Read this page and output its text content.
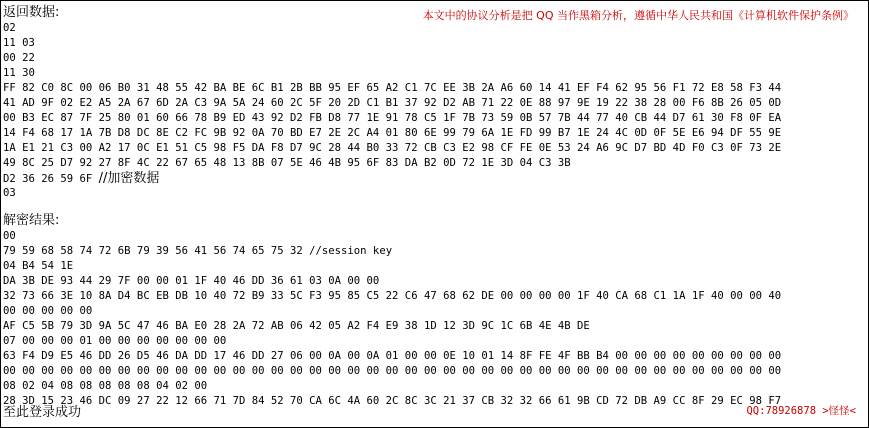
返回数据:	本文中的协议分析是把 QQ 当作黑箱分析，遵循中华人民共和国《计算机软件保护条例》
02
11 03
00 22
11 30
FF 82 C0 8C 00 06 B0 31 48 55 42 BA BE 6C B1 2B BB 95 EF 65 A2 C1 7C EE 3B 2A A6 60 14 41 EF F4 62 95 56 F1 72 E8 58 F3 44
41 AD 9F 02 E2 A5 2A 67 6D 2A C3 9A 5A 24 60 2C 5F 20 2D C1 B1 37 92 D2 AB 71 22 0E 88 97 9E 19 22 38 28 00 F6 8B 26 05 0D
00 B3 EC 87 7F 25 80 01 60 66 78 B9 ED 43 92 D2 FB D8 77 1E 91 78 C5 1F 7B 73 59 0B 57 7B 44 77 40 CB 44 D7 61 30 F8 0F EA
14 F4 68 17 1A 7B D8 DC 8E C2 FC 9B 92 0A 70 BD E7 2E 2C A4 01 80 6E 99 79 6A 1E FD 99 B7 1E 24 4C 0D 0F 5E E6 94 DF 55 9E
1A E1 21 C3 00 A2 17 0C E1 51 C5 98 F5 DA F8 D7 9C 28 44 B0 33 72 CB C3 E2 98 CF FE 0E 53 24 A6 9C D7 BD 4D F0 C3 0F 73 2E
49 8C 25 D7 92 27 8F 4C 22 67 65 48 13 8B 07 5E 46 4B 95 6F 83 DA B2 0D 72 1E 3D 04 C3 3B
D2 36 26 59 6F //加密数据
03
解密结果:
00
79 59 68 58 74 72 6B 79 39 56 41 56 74 65 75 32 //session key
04 B4 54 1E
DA 3B DE 93 44 29 7F 00 00 01 1F 40 46 DD 36 61 03 0A 00 00
32 73 66 3E 10 8A D4 BC EB DB 10 40 72 B9 33 5C F3 95 85 C5 22 C6 47 68 62 DE 00 00 00 00 1F 40 CA 68 C1 1A 1F 40 00 00 40
00 00 00 00 00
AF C5 5B 79 3D 9A 5C 47 46 BA E0 28 2A 72 AB 06 42 05 A2 F4 E9 38 1D 12 3D 9C 1C 6B 4E 4B DE
07 00 00 00 01 00 00 00 00 00 00 00
63 F4 D9 E5 46 DD 26 D5 46 DA DD 17 46 DD 27 06 00 0A 00 0A 01 00 00 0E 10 01 14 8F FE 4F BB B4 00 00 00 00 00 00 00 00 00
00 00 00 00 00 00 00 00 00 00 00 00 00 00 00 00 00 00 00 00 00 00 00 00 00 00 00 00 00 00 00 00 00 00 00 00 00 00 00 00 00
08 02 04 08 08 08 08 08 04 02 00
28 3D 15 23 46 DC 09 27 22 12 66 71 7D 84 52 70 CA 6C 4A 60 2C 8C 3C 21 37 CB 32 32 66 61 9B CD 72 DB A9 CC 8F 29 EC 98 F7
至此登录成功	QQ:78926878 >怪怪<
